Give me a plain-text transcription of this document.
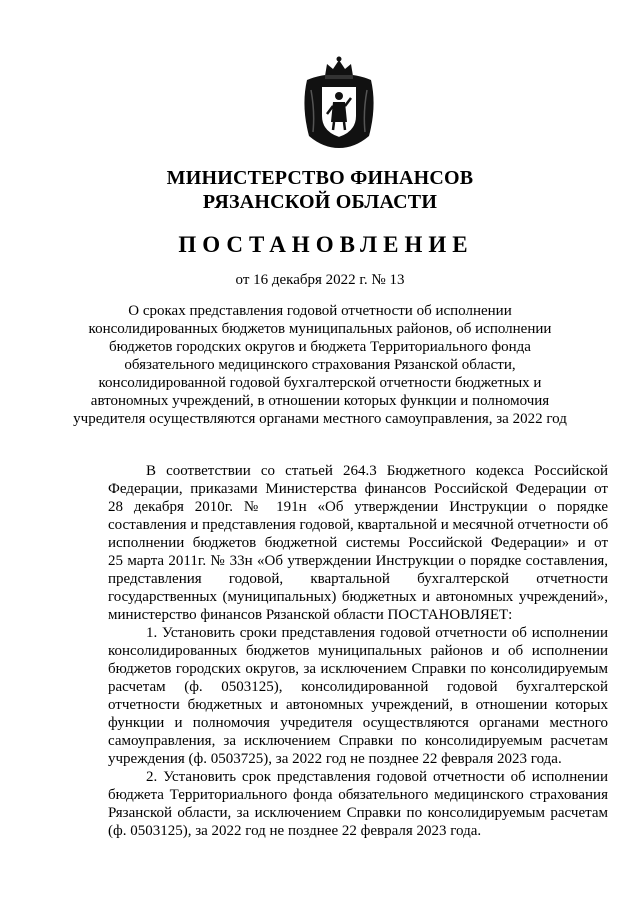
МИНИСТЕРСТВО ФИНАНСОВ
РЯЗАНСКОЙ ОБЛАСТИ
ПОСТАНОВЛЕНИЕ
от 16 декабря 2022 г. № 13
О сроках представления годовой отчетности об исполнении
консолидированных бюджетов муниципальных районов, об исполнении
бюджетов городских округов и бюджета Территориального фонда
обязательного медицинского страхования Рязанской области,
консолидированной годовой бухгалтерской отчетности бюджетных и
автономных учреждений, в отношении которых функции и полномочия
учредителя осуществляются органами местного самоуправления, за 2022 год
В соответствии со статьей 264.3 Бюджетного кодекса Российской
Федерации, приказами Министерства финансов Российской Федерации от
28 декабря 2010г. № 191н «Об утверждении Инструкции о порядке
составления и представления годовой, квартальной и месячной отчетности об
исполнении бюджетов бюджетной системы Российской Федерации» и от
25 марта 2011г. № 33н «Об утверждении Инструкции о порядке составления,
представления годовой, квартальной бухгалтерской отчетности
государственных (муниципальных) бюджетных и автономных учреждений»,
министерство финансов Рязанской области ПОСТАНОВЛЯЕТ:
1. Установить сроки представления годовой отчетности об исполнении
консолидированных бюджетов муниципальных районов и об исполнении
бюджетов городских округов, за исключением Справки по консолидируемым
расчетам (ф. 0503125), консолидированной годовой бухгалтерской
отчетности бюджетных и автономных учреждений, в отношении которых
функции и полномочия учредителя осуществляются органами местного
самоуправления, за исключением Справки по консолидируемым расчетам
учреждения (ф. 0503725), за 2022 год не позднее 22 февраля 2023 года.
2. Установить срок представления годовой отчетности об исполнении
бюджета Территориального фонда обязательного медицинского страхования
Рязанской области, за исключением Справки по консолидируемым расчетам
(ф. 0503125), за 2022 год не позднее 22 февраля 2023 года.
